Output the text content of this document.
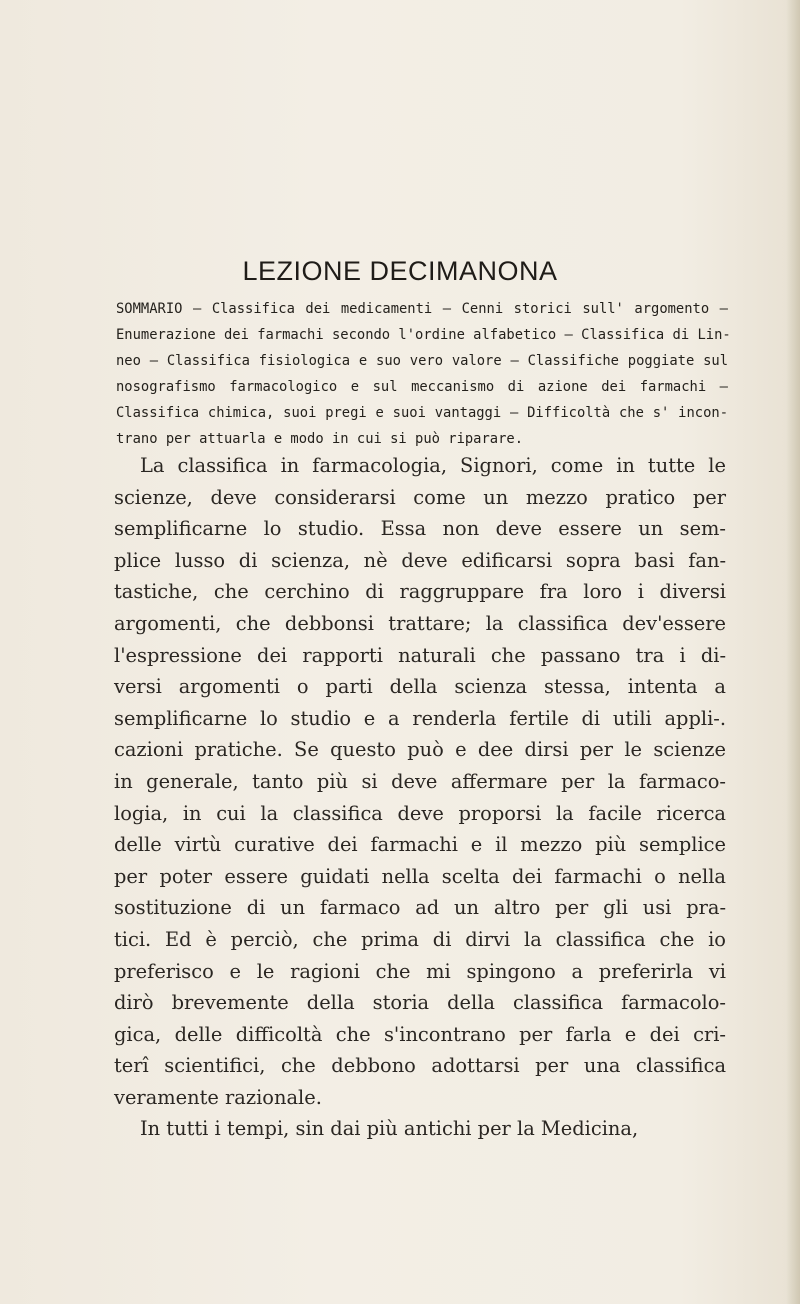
LEZIONE DECIMANONA
SOMMARIO — Classifica dei medicamenti — Cenni storici sull' argomento —
Enumerazione dei farmachi secondo l'ordine alfabetico — Classifica di Lin-
neo — Classifica fisiologica e suo vero valore — Classifiche poggiate sul
nosografismo farmacologico e sul meccanismo di azione dei farmachi —
Classifica chimica, suoi pregi e suoi vantaggi — Difficoltà che s' incon-
trano per attuarla e modo in cui si può riparare.
La classifica in farmacologia, Signori, come in tutte le
scienze, deve considerarsi come un mezzo pratico per
semplificarne lo studio. Essa non deve essere un sem-
plice lusso di scienza, nè deve edificarsi sopra basi fan-
tastiche, che cerchino di raggruppare fra loro i diversi
argomenti, che debbonsi trattare; la classifica dev'essere
l'espressione dei rapporti naturali che passano tra i di-
versi argomenti o parti della scienza stessa, intenta a
semplificarne lo studio e a renderla fertile di utili appli-.
cazioni pratiche. Se questo può e dee dirsi per le scienze
in generale, tanto più si deve affermare per la farmaco-
logia, in cui la classifica deve proporsi la facile ricerca
delle virtù curative dei farmachi e il mezzo più semplice
per poter essere guidati nella scelta dei farmachi o nella
sostituzione di un farmaco ad un altro per gli usi pra-
tici. Ed è perciò, che prima di dirvi la classifica che io
preferisco e le ragioni che mi spingono a preferirla vi
dirò brevemente della storia della classifica farmacolo-
gica, delle difficoltà che s'incontrano per farla e dei cri-
terî scientifici, che debbono adottarsi per una classifica
veramente razionale.
In tutti i tempi, sin dai più antichi per la Medicina,
